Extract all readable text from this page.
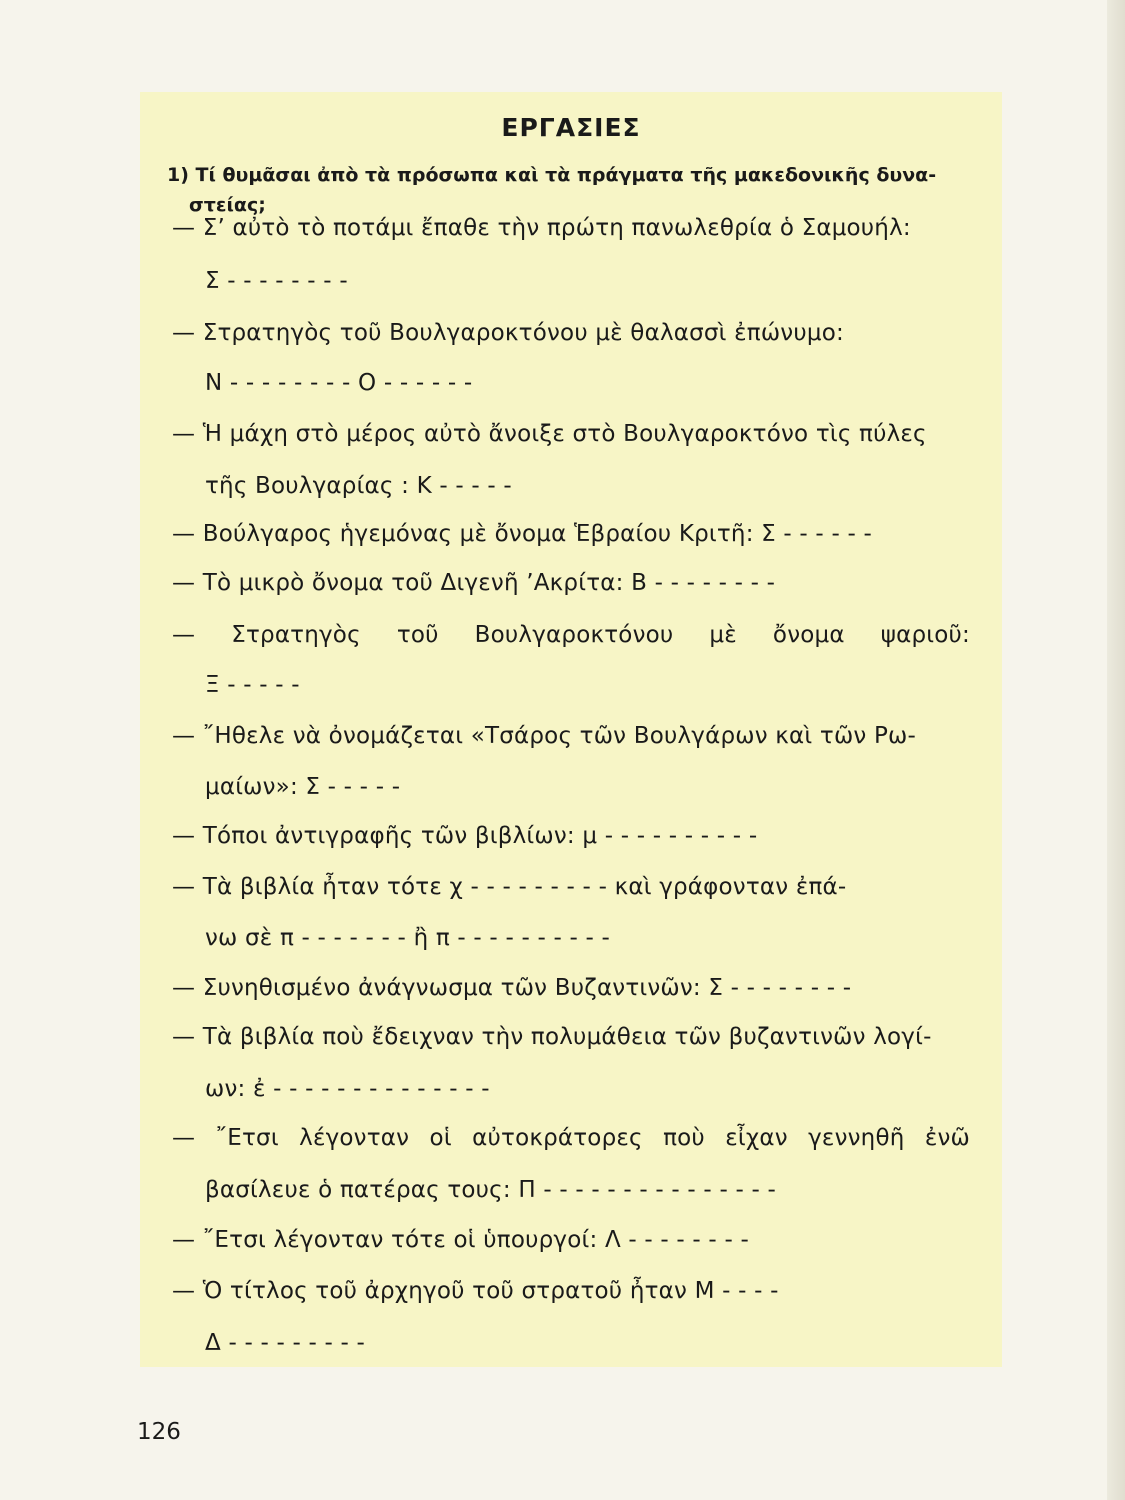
ΕΡΓΑΣΙΕΣ
1) Τί θυμᾶσαι ἀπὸ τὰ πρόσωπα καὶ τὰ πράγματα τῆς μακεδονικῆς δυνα-
στείας;
— Σ’ αὐτὸ τὸ ποτάμι ἔπαθε τὴν πρώτη πανωλεθρία ὁ Σαμουήλ:
Σ - - - - - - - -
— Στρατηγὸς τοῦ Βουλγαροκτόνου μὲ θαλασσὶ ἐπώνυμο:
Ν - - - - - - - - Ο - - - - - -
— Ἡ μάχη στὸ μέρος αὐτὸ ἄνοιξε στὸ Βουλγαροκτόνο τὶς πύλες
τῆς Βουλγαρίας : Κ - - - - -
— Βούλγαρος ἡγεμόνας μὲ ὄνομα Ἑβραίου Κριτῆ: Σ - - - - - -
— Τὸ μικρὸ ὄνομα τοῦ Διγενῆ ’Ακρίτα: Β - - - - - - - -
— Στρατηγὸς τοῦ Βουλγαροκτόνου μὲ ὄνομα ψαριοῦ:
Ξ - - - - -
— ῎Ηθελε νὰ ὀνομάζεται «Τσάρος τῶν Βουλγάρων καὶ τῶν Ρω-
μαίων»: Σ - - - - -
— Τόποι ἀντιγραφῆς τῶν βιβλίων: μ - - - - - - - - - -
— Τὰ βιβλία ἦταν τότε χ - - - - - - - - - καὶ γράφονταν ἐπά-
νω σὲ π - - - - - - - ἢ π - - - - - - - - - -
— Συνηθισμένο ἀνάγνωσμα τῶν Βυζαντινῶν: Σ - - - - - - - -
— Τὰ βιβλία ποὺ ἔδειχναν τὴν πολυμάθεια τῶν βυζαντινῶν λογί-
ων: ἐ - - - - - - - - - - - - - -
— ῎Ετσι λέγονταν οἱ αὐτοκράτορες ποὺ εἶχαν γεννηθῆ ἐνῶ
βασίλευε ὁ πατέρας τους: Π - - - - - - - - - - - - - - -
— ῎Ετσι λέγονταν τότε οἱ ὑπουργοί: Λ - - - - - - - -
— Ὁ τίτλος τοῦ ἀρχηγοῦ τοῦ στρατοῦ ἦταν Μ - - - -
Δ - - - - - - - - -
126
